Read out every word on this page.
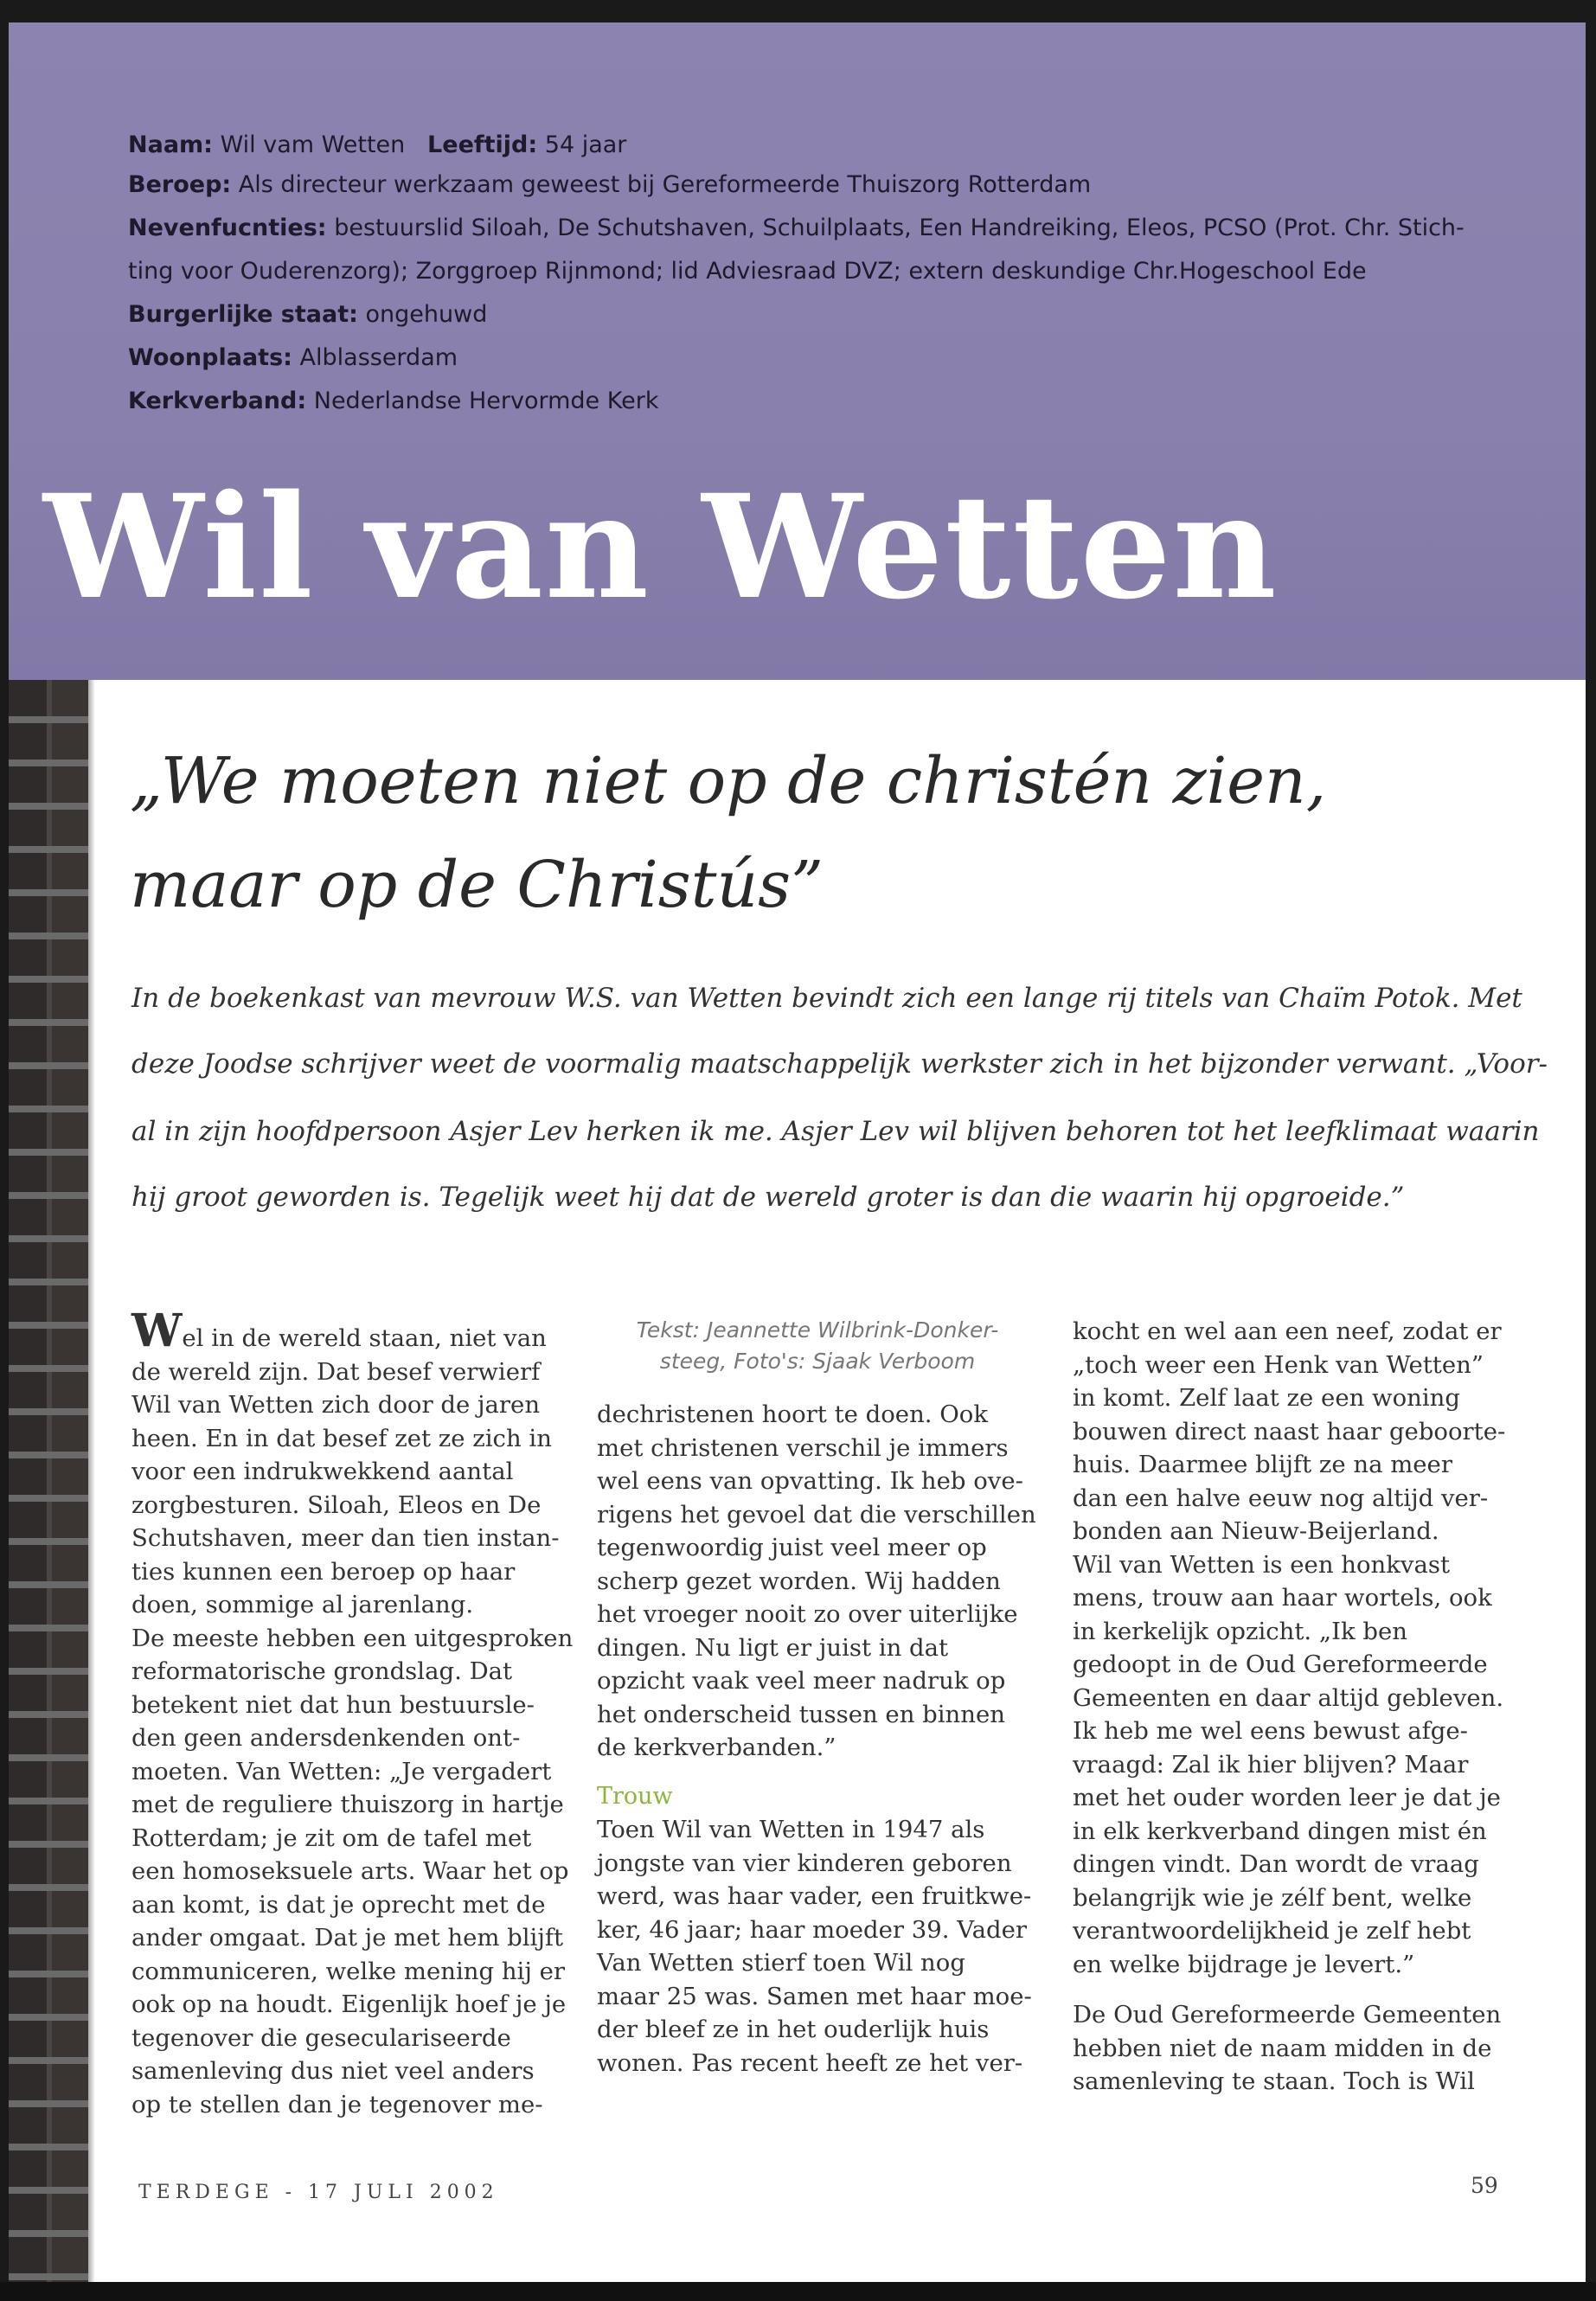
Naam: Wil vam Wetten Leeftijd: 54 jaar
Beroep: Als directeur werkzaam geweest bij Gereformeerde Thuiszorg Rotterdam
Nevenfucnties: bestuurslid Siloah, De Schutshaven, Schuilplaats, Een Handreiking, Eleos, PCSO (Prot. Chr. Stich-
ting voor Ouderenzorg); Zorggroep Rijnmond; lid Adviesraad DVZ; extern deskundige Chr.Hogeschool Ede
Burgerlijke staat: ongehuwd
Woonplaats: Alblasserdam
Kerkverband: Nederlandse Hervormde Kerk
Wil van Wetten
„We moeten niet op de christén zien,
maar op de Christús”
In de boekenkast van mevrouw W.S. van Wetten bevindt zich een lange rij titels van Chaïm Potok. Met
deze Joodse schrijver weet de voormalig maatschappelijk werkster zich in het bijzonder verwant. „Voor-
al in zijn hoofdpersoon Asjer Lev herken ik me. Asjer Lev wil blijven behoren tot het leefklimaat waarin
hij groot geworden is. Tegelijk weet hij dat de wereld groter is dan die waarin hij opgroeide.”

Wel in de wereld staan, niet van

de wereld zijn. Dat besef verwierf

Wil van Wetten zich door de jaren

heen. En in dat besef zet ze zich in

voor een indrukwekkend aantal

zorgbesturen. Siloah, Eleos en De

Schutshaven, meer dan tien instan-

ties kunnen een beroep op haar

doen, sommige al jarenlang.

De meeste hebben een uitgesproken

reformatorische grondslag. Dat

betekent niet dat hun bestuursle-

den geen andersdenkenden ont-

moeten. Van Wetten: „Je vergadert

met de reguliere thuiszorg in hartje

Rotterdam; je zit om de tafel met

een homoseksuele arts. Waar het op

aan komt, is dat je oprecht met de

ander omgaat. Dat je met hem blijft

communiceren, welke mening hij er

ook op na houdt. Eigenlijk hoef je je

tegenover die geseculariseerde

samenleving dus niet veel anders

op te stellen dan je tegenover me-

Tekst: Jeannette Wilbrink-Donker-
steeg, Foto's: Sjaak Verboom

dechristenen hoort te doen. Ook

met christenen verschil je immers

wel eens van opvatting. Ik heb ove-

rigens het gevoel dat die verschillen

tegenwoordig juist veel meer op

scherp gezet worden. Wij hadden

het vroeger nooit zo over uiterlijke

dingen. Nu ligt er juist in dat

opzicht vaak veel meer nadruk op

het onderscheid tussen en binnen

de kerkverbanden.”

Trouw

Toen Wil van Wetten in 1947 als

jongste van vier kinderen geboren

werd, was haar vader, een fruitkwe-

ker, 46 jaar; haar moeder 39. Vader

Van Wetten stierf toen Wil nog

maar 25 was. Samen met haar moe-

der bleef ze in het ouderlijk huis

wonen. Pas recent heeft ze het ver-

kocht en wel aan een neef, zodat er

„toch weer een Henk van Wetten”

in komt. Zelf laat ze een woning

bouwen direct naast haar geboorte-

huis. Daarmee blijft ze na meer

dan een halve eeuw nog altijd ver-

bonden aan Nieuw-Beijerland.

Wil van Wetten is een honkvast

mens, trouw aan haar wortels, ook

in kerkelijk opzicht. „Ik ben

gedoopt in de Oud Gereformeerde

Gemeenten en daar altijd gebleven.

Ik heb me wel eens bewust afge-

vraagd: Zal ik hier blijven? Maar

met het ouder worden leer je dat je

in elk kerkverband dingen mist én

dingen vindt. Dan wordt de vraag

belangrijk wie je zélf bent, welke

verantwoordelijkheid je zelf hebt

en welke bijdrage je levert.”

De Oud Gereformeerde Gemeenten

hebben niet de naam midden in de

samenleving te staan. Toch is Wil

TERDEGE - 17 JULI 2002	59
